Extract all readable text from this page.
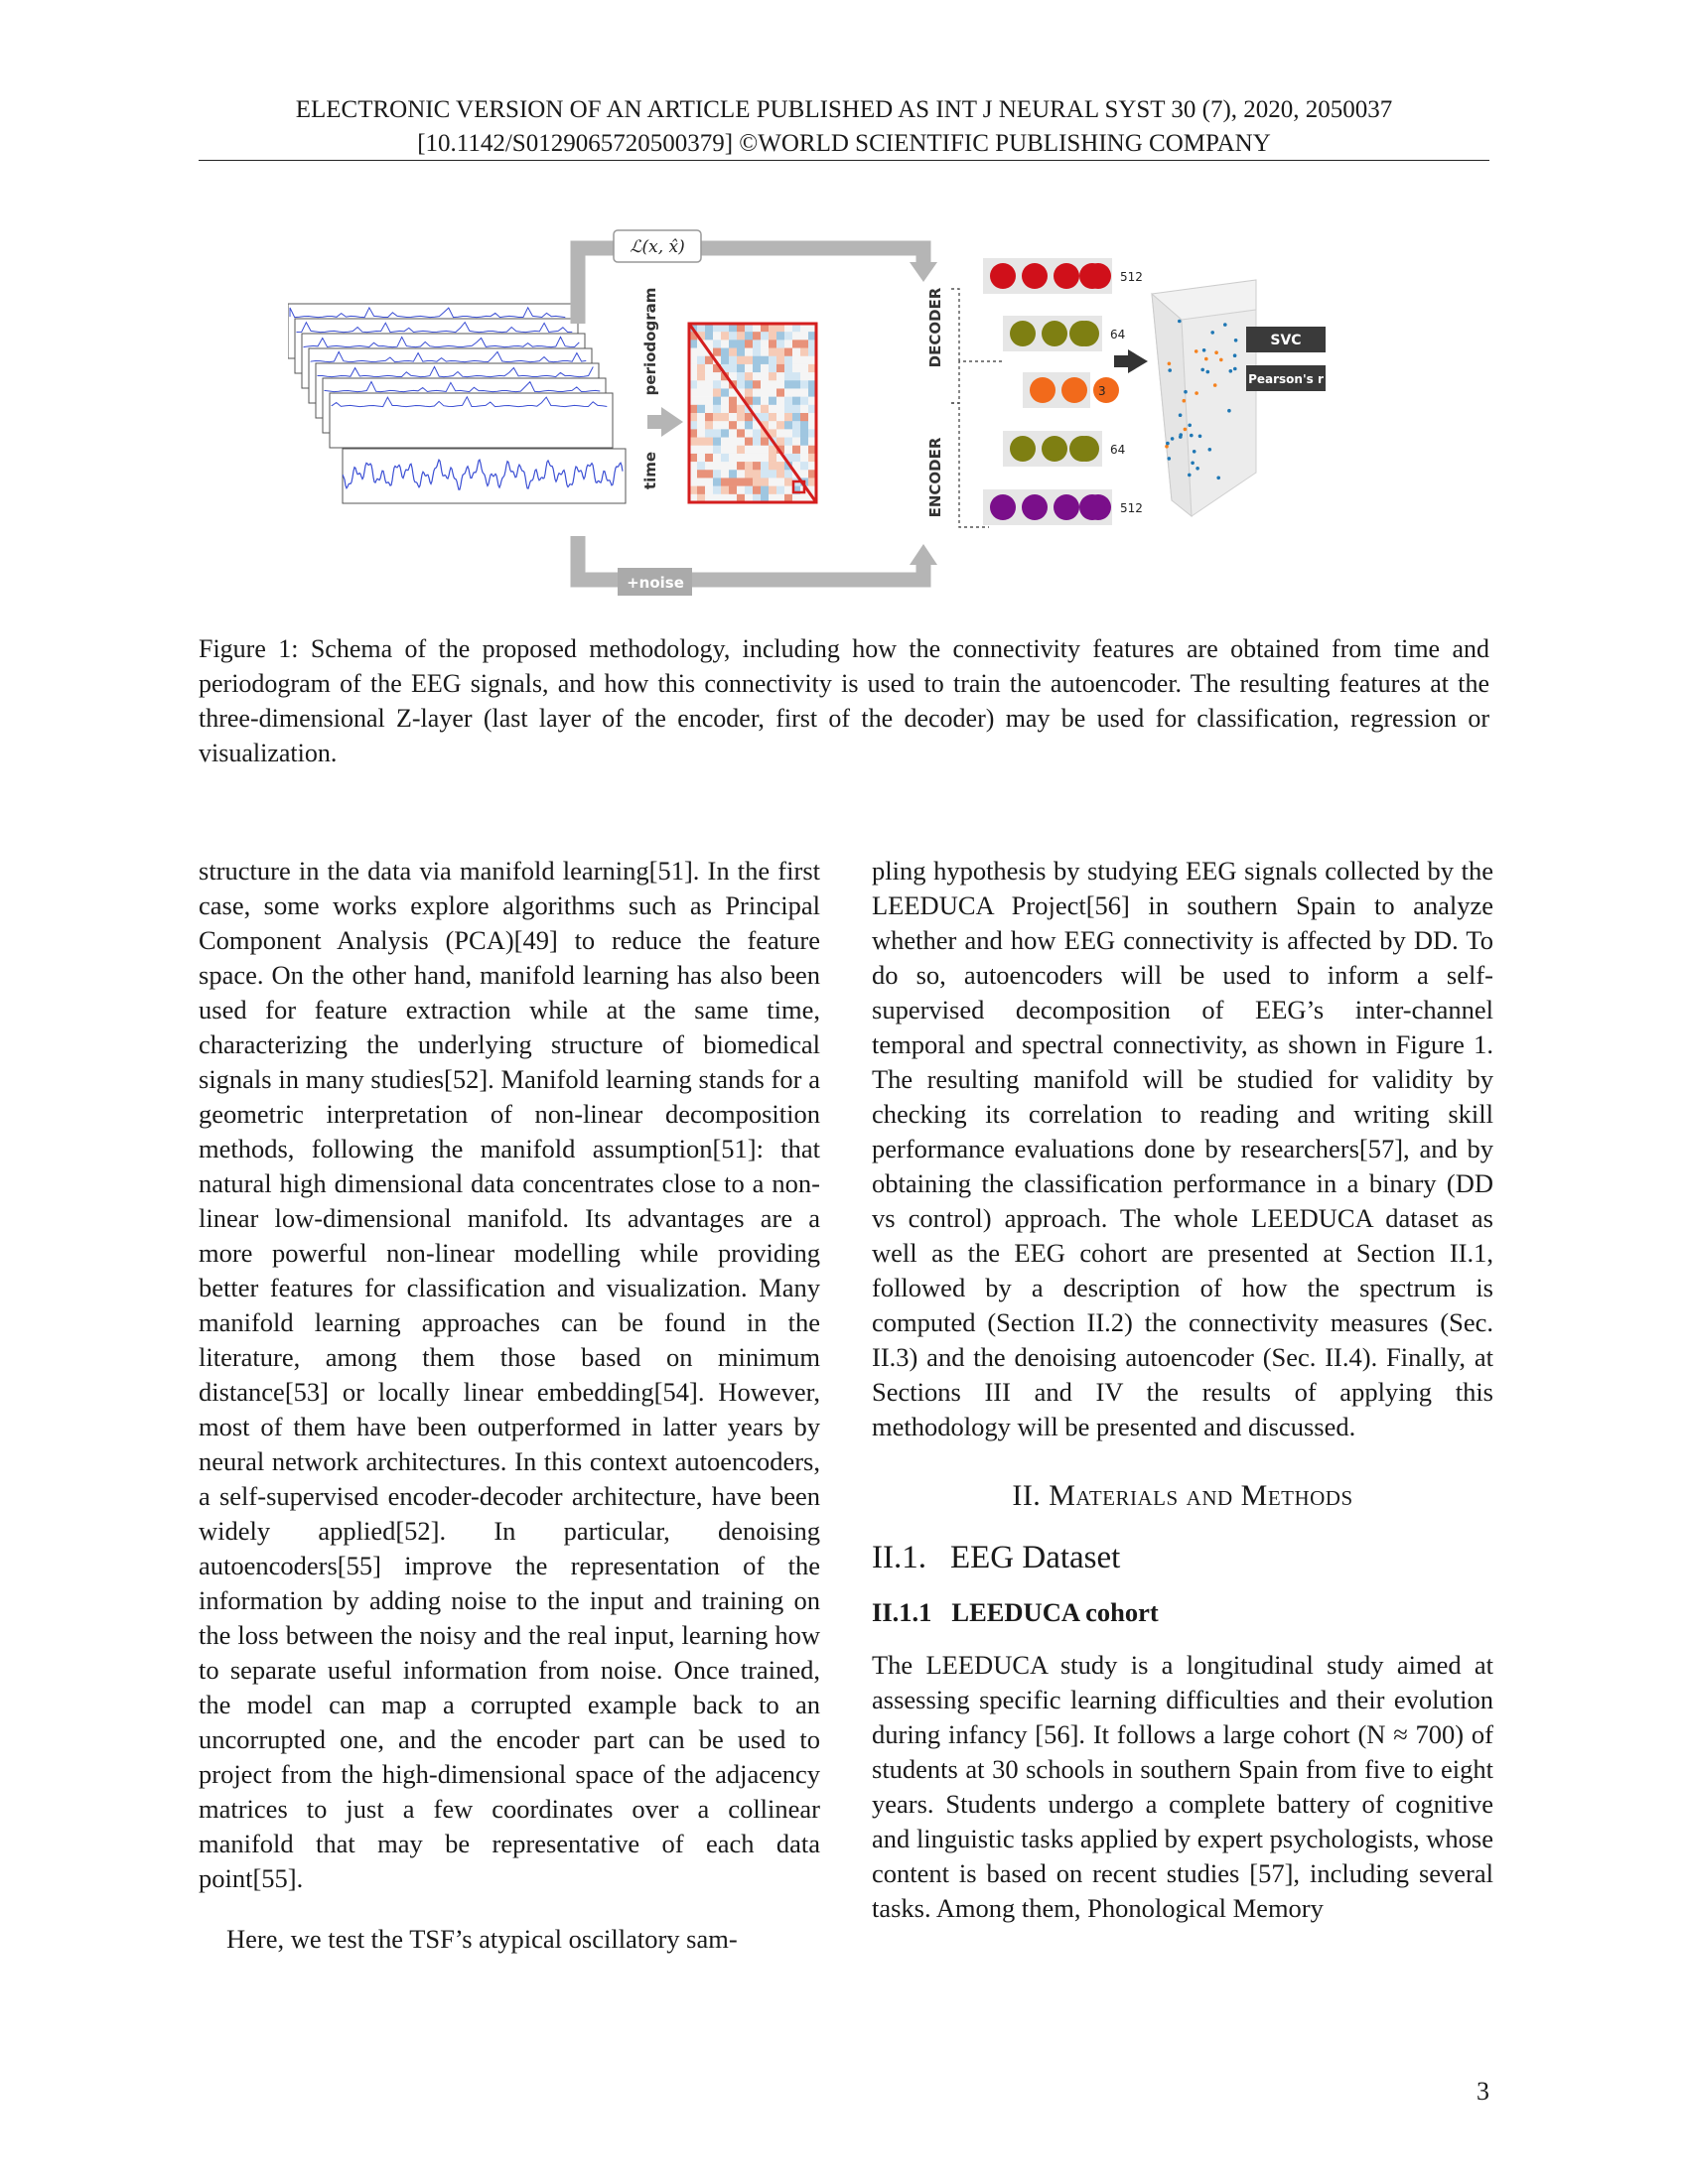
ELECTRONIC VERSION OF AN ARTICLE PUBLISHED AS INT J NEURAL SYST 30 (7), 2020, 2050037
[10.1142/S0129065720500379] ©WORLD SCIENTIFIC PUBLISHING COMPANY
periodogram
time
ℒ(x, x̂)
+noise
DECODER
ENCODER
512
64
3
64
512
SVC
Pearson's r
Figure 1: Schema of the proposed methodology, including how the connectivity features are obtained from time and periodogram of the EEG signals, and how this connectivity is used to train the autoencoder. The resulting features at the three-dimensional Z-layer (last layer of the encoder, first of the decoder) may be used for classification, regression or visualization.

structure in the data via manifold learning[51]. In the first case, some works explore algorithms such as Principal Component Analysis (PCA)[49] to reduce the feature space. On the other hand, manifold learning has also been used for feature extraction while at the same time, characterizing the underlying structure of biomedical signals in many studies[52]. Manifold learning stands for a geometric interpretation of non-linear decomposition methods, following the manifold assumption[51]: that natural high dimensional data concentrates close to a non-linear low-dimensional manifold. Its advantages are a more powerful non-linear modelling while providing better features for classification and visualization. Many manifold learning approaches can be found in the literature, among them those based on minimum distance[53] or locally linear embedding[54]. However, most of them have been outperformed in latter years by neural network architectures. In this context autoencoders, a self-supervised encoder-decoder architecture, have been widely applied[52]. In particular, denoising autoencoders[55] improve the representation of the information by adding noise to the input and training on the loss between the noisy and the real input, learning how to separate useful information from noise. Once trained, the model can map a corrupted example back to an uncorrupted one, and the encoder part can be used to project from the high-dimensional space of the adjacency matrices to just a few coordinates over a collinear manifold that may be representative of each data point[55].

Here, we test the TSF’s atypical oscillatory sam-

pling hypothesis by studying EEG signals collected by the LEEDUCA Project[56] in southern Spain to analyze whether and how EEG connectivity is affected by DD. To do so, autoencoders will be used to inform a self-supervised decomposition of EEG’s inter-channel temporal and spectral connectivity, as shown in Figure 1. The resulting manifold will be studied for validity by checking its correlation to reading and writing skill performance evaluations done by researchers[57], and by obtaining the classification performance in a binary (DD vs control) approach. The whole LEEDUCA dataset as well as the EEG cohort are presented at Section II.1, followed by a description of how the spectrum is computed (Section II.2) the connectivity measures (Sec. II.3) and the denoising autoencoder (Sec. II.4). Finally, at Sections III and IV the results of applying this methodology will be presented and discussed.

II. Materials and Methods
II.1. EEG Dataset
II.1.1 LEEDUCA cohort

The LEEDUCA study is a longitudinal study aimed at assessing specific learning difficulties and their evolution during infancy [56]. It follows a large cohort (N ≈ 700) of students at 30 schools in southern Spain from five to eight years. Students undergo a complete battery of cognitive and linguistic tasks applied by expert psychologists, whose content is based on recent studies [57], including several tasks. Among them, Phonological Memory

3
